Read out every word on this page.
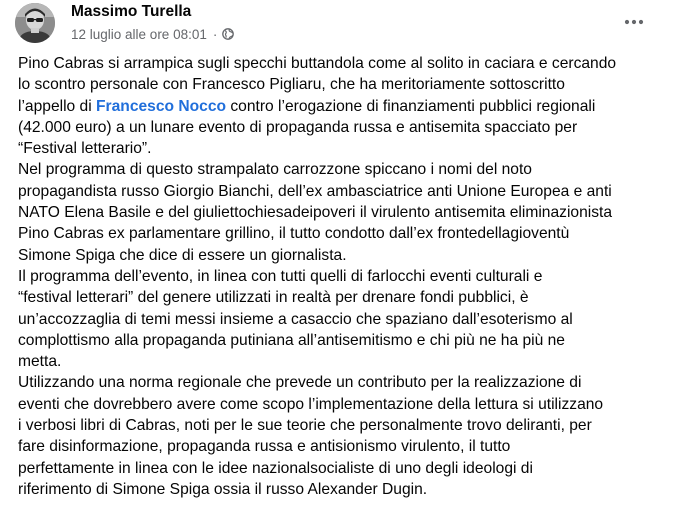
Massimo Turella
12 luglio alle ore 08:01 ·

Pino Cabras si arrampica sugli specchi buttandola come al solito in caciara e cercando

lo scontro personale con Francesco Pigliaru, che ha meritoriamente sottoscritto

l’appello di Francesco Nocco contro l’erogazione di finanziamenti pubblici regionali

(42.000 euro) a un lunare evento di propaganda russa e antisemita spacciato per

“Festival letterario”.

Nel programma di questo strampalato carrozzone spiccano i nomi del noto

propagandista russo Giorgio Bianchi, dell’ex ambasciatrice anti Unione Europea e anti

NATO Elena Basile e del giuliettochiesadeipoveri il virulento antisemita eliminazionista

Pino Cabras ex parlamentare grillino, il tutto condotto dall’ex frontedellagioventù

Simone Spiga che dice di essere un giornalista.

Il programma dell’evento, in linea con tutti quelli di farlocchi eventi culturali e

“festival letterari” del genere utilizzati in realtà per drenare fondi pubblici, è

un’accozzaglia di temi messi insieme a casaccio che spaziano dall’esoterismo al

complottismo alla propaganda putiniana all’antisemitismo e chi più ne ha più ne

metta.

Utilizzando una norma regionale che prevede un contributo per la realizzazione di

eventi che dovrebbero avere come scopo l’implementazione della lettura si utilizzano

i verbosi libri di Cabras, noti per le sue teorie che personalmente trovo deliranti, per

fare disinformazione, propaganda russa e antisionismo virulento, il tutto

perfettamente in linea con le idee nazionalsocialiste di uno degli ideologi di

riferimento di Simone Spiga ossia il russo Alexander Dugin.
